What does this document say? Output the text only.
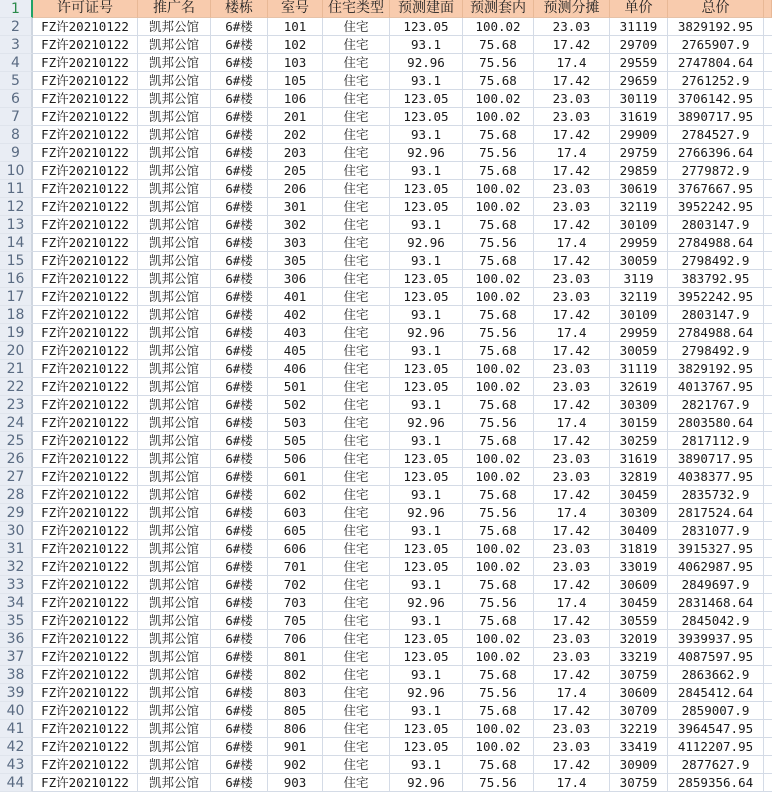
1	许可证号	推广名	楼栋	室号	住宅类型	预测建面	预测套内	预测分摊	单价	总价
2	FZ许20210122	凯邦公馆	6#楼	101	住宅	123.05	100.02	23.03	31119	3829192.95
3	FZ许20210122	凯邦公馆	6#楼	102	住宅	93.1	75.68	17.42	29709	2765907.9
4	FZ许20210122	凯邦公馆	6#楼	103	住宅	92.96	75.56	17.4	29559	2747804.64
5	FZ许20210122	凯邦公馆	6#楼	105	住宅	93.1	75.68	17.42	29659	2761252.9
6	FZ许20210122	凯邦公馆	6#楼	106	住宅	123.05	100.02	23.03	30119	3706142.95
7	FZ许20210122	凯邦公馆	6#楼	201	住宅	123.05	100.02	23.03	31619	3890717.95
8	FZ许20210122	凯邦公馆	6#楼	202	住宅	93.1	75.68	17.42	29909	2784527.9
9	FZ许20210122	凯邦公馆	6#楼	203	住宅	92.96	75.56	17.4	29759	2766396.64
10	FZ许20210122	凯邦公馆	6#楼	205	住宅	93.1	75.68	17.42	29859	2779872.9
11	FZ许20210122	凯邦公馆	6#楼	206	住宅	123.05	100.02	23.03	30619	3767667.95
12	FZ许20210122	凯邦公馆	6#楼	301	住宅	123.05	100.02	23.03	32119	3952242.95
13	FZ许20210122	凯邦公馆	6#楼	302	住宅	93.1	75.68	17.42	30109	2803147.9
14	FZ许20210122	凯邦公馆	6#楼	303	住宅	92.96	75.56	17.4	29959	2784988.64
15	FZ许20210122	凯邦公馆	6#楼	305	住宅	93.1	75.68	17.42	30059	2798492.9
16	FZ许20210122	凯邦公馆	6#楼	306	住宅	123.05	100.02	23.03	3119	383792.95
17	FZ许20210122	凯邦公馆	6#楼	401	住宅	123.05	100.02	23.03	32119	3952242.95
18	FZ许20210122	凯邦公馆	6#楼	402	住宅	93.1	75.68	17.42	30109	2803147.9
19	FZ许20210122	凯邦公馆	6#楼	403	住宅	92.96	75.56	17.4	29959	2784988.64
20	FZ许20210122	凯邦公馆	6#楼	405	住宅	93.1	75.68	17.42	30059	2798492.9
21	FZ许20210122	凯邦公馆	6#楼	406	住宅	123.05	100.02	23.03	31119	3829192.95
22	FZ许20210122	凯邦公馆	6#楼	501	住宅	123.05	100.02	23.03	32619	4013767.95
23	FZ许20210122	凯邦公馆	6#楼	502	住宅	93.1	75.68	17.42	30309	2821767.9
24	FZ许20210122	凯邦公馆	6#楼	503	住宅	92.96	75.56	17.4	30159	2803580.64
25	FZ许20210122	凯邦公馆	6#楼	505	住宅	93.1	75.68	17.42	30259	2817112.9
26	FZ许20210122	凯邦公馆	6#楼	506	住宅	123.05	100.02	23.03	31619	3890717.95
27	FZ许20210122	凯邦公馆	6#楼	601	住宅	123.05	100.02	23.03	32819	4038377.95
28	FZ许20210122	凯邦公馆	6#楼	602	住宅	93.1	75.68	17.42	30459	2835732.9
29	FZ许20210122	凯邦公馆	6#楼	603	住宅	92.96	75.56	17.4	30309	2817524.64
30	FZ许20210122	凯邦公馆	6#楼	605	住宅	93.1	75.68	17.42	30409	2831077.9
31	FZ许20210122	凯邦公馆	6#楼	606	住宅	123.05	100.02	23.03	31819	3915327.95
32	FZ许20210122	凯邦公馆	6#楼	701	住宅	123.05	100.02	23.03	33019	4062987.95
33	FZ许20210122	凯邦公馆	6#楼	702	住宅	93.1	75.68	17.42	30609	2849697.9
34	FZ许20210122	凯邦公馆	6#楼	703	住宅	92.96	75.56	17.4	30459	2831468.64
35	FZ许20210122	凯邦公馆	6#楼	705	住宅	93.1	75.68	17.42	30559	2845042.9
36	FZ许20210122	凯邦公馆	6#楼	706	住宅	123.05	100.02	23.03	32019	3939937.95
37	FZ许20210122	凯邦公馆	6#楼	801	住宅	123.05	100.02	23.03	33219	4087597.95
38	FZ许20210122	凯邦公馆	6#楼	802	住宅	93.1	75.68	17.42	30759	2863662.9
39	FZ许20210122	凯邦公馆	6#楼	803	住宅	92.96	75.56	17.4	30609	2845412.64
40	FZ许20210122	凯邦公馆	6#楼	805	住宅	93.1	75.68	17.42	30709	2859007.9
41	FZ许20210122	凯邦公馆	6#楼	806	住宅	123.05	100.02	23.03	32219	3964547.95
42	FZ许20210122	凯邦公馆	6#楼	901	住宅	123.05	100.02	23.03	33419	4112207.95
43	FZ许20210122	凯邦公馆	6#楼	902	住宅	93.1	75.68	17.42	30909	2877627.9
44	FZ许20210122	凯邦公馆	6#楼	903	住宅	92.96	75.56	17.4	30759	2859356.64
